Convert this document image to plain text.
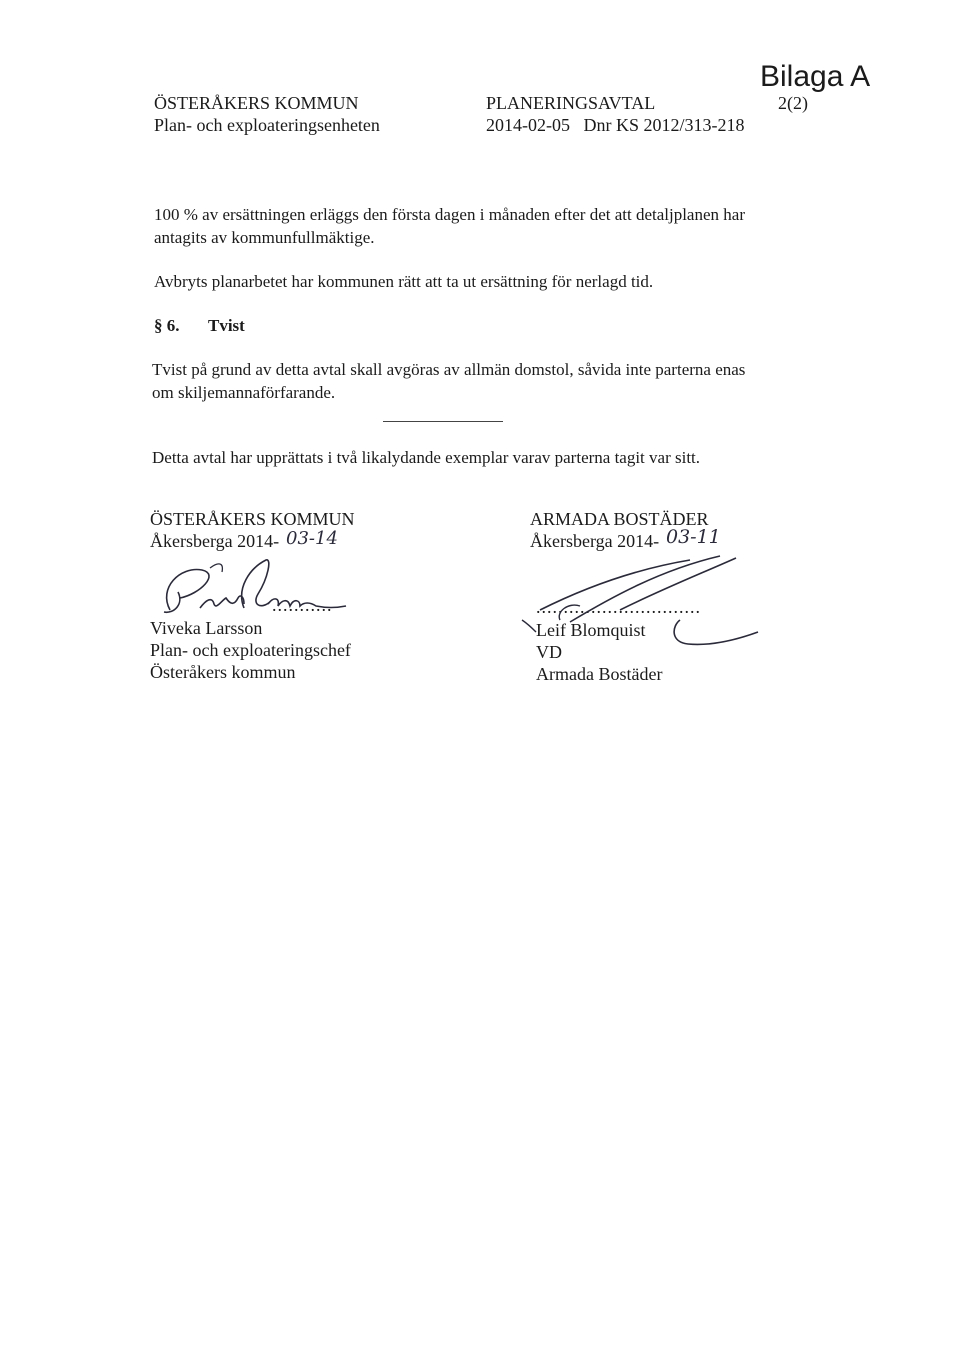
ÖSTERÅKERS KOMMUN
Plan- och exploateringsenheten
PLANERINGSAVTAL
2014-02-05   Dnr KS 2012/313-218
Bilaga A
2(2)
100 % av ersättningen erläggs den första dagen i månaden efter det att detaljplanen har
antagits av kommunfullmäktige.
Avbryts planarbetet har kommunen rätt att ta ut ersättning för nerlagd tid.
§ 6. Tvist
Tvist på grund av detta avtal skall avgöras av allmän domstol, såvida inte parterna enas
om skiljemannaförfarande.
Detta avtal har upprättats i två likalydande exemplar varav parterna tagit var sitt.
ÖSTERÅKERS KOMMUN
Åkersberga 2014- 03-14
...........
Viveka Larsson
Plan- och exploateringschef
Österåkers kommun
ARMADA BOSTÄDER
Åkersberga 2014- 03-11
..............................
Leif Blomquist
VD
Armada Bostäder
